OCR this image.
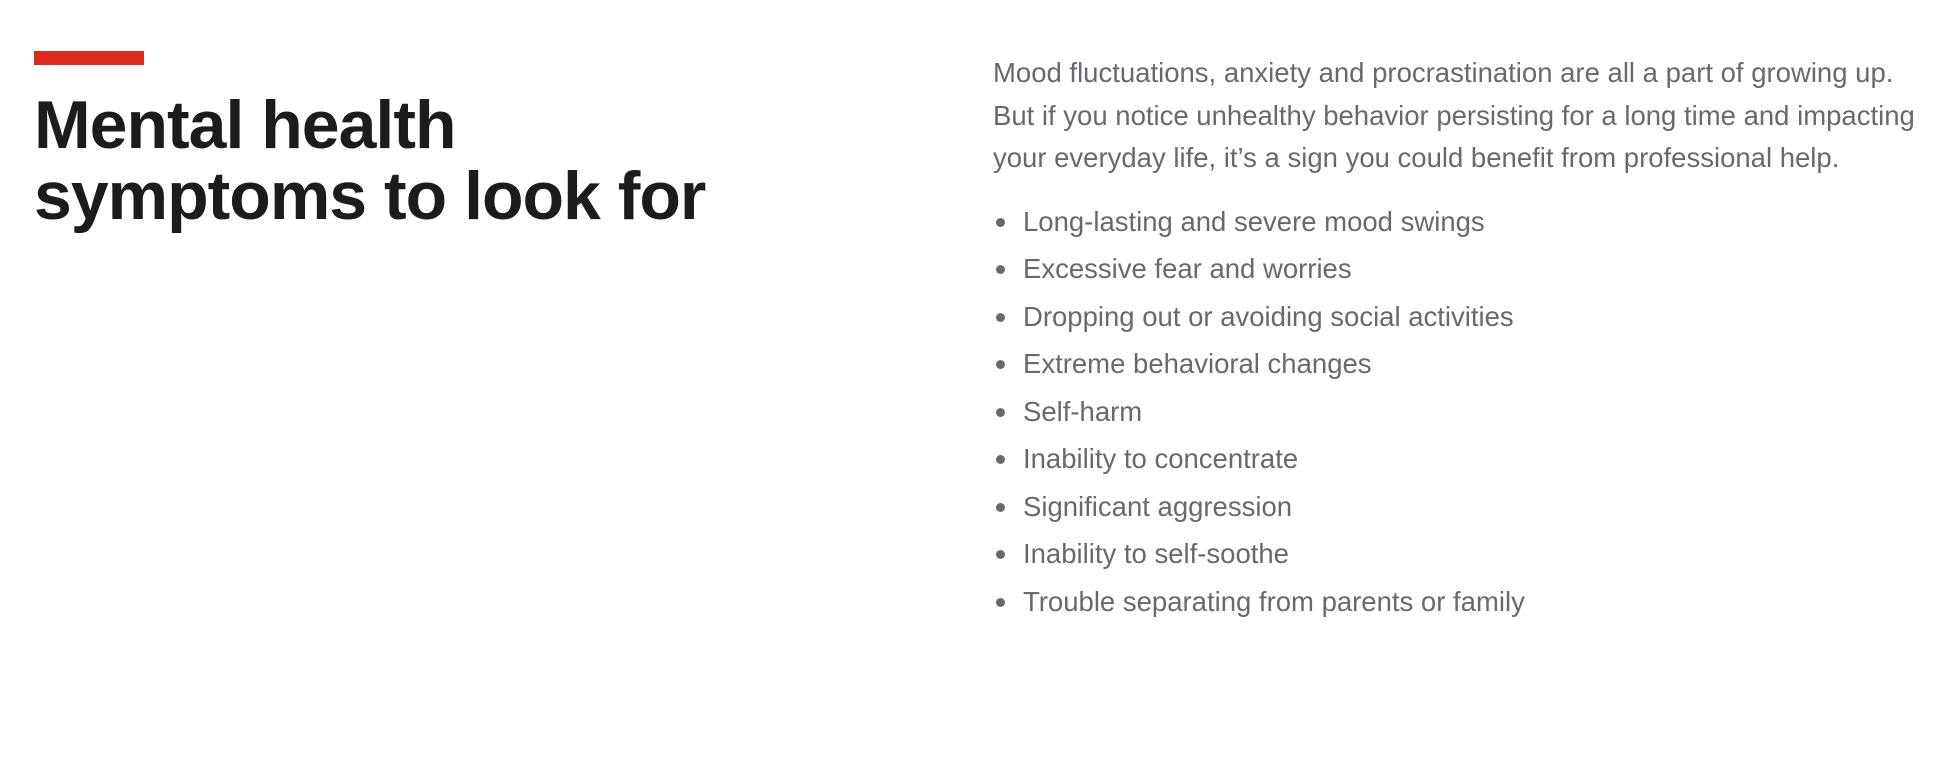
Mental health
symptoms to look for

Mood fluctuations, anxiety and procrastination are all a part of growing up. But if you notice unhealthy behavior persisting for a long time and impacting your everyday life, it’s a sign you could benefit from professional help.

Long-lasting and severe mood swings
Excessive fear and worries
Dropping out or avoiding social activities
Extreme behavioral changes
Self-harm
Inability to concentrate
Significant aggression
Inability to self-soothe
Trouble separating from parents or family
